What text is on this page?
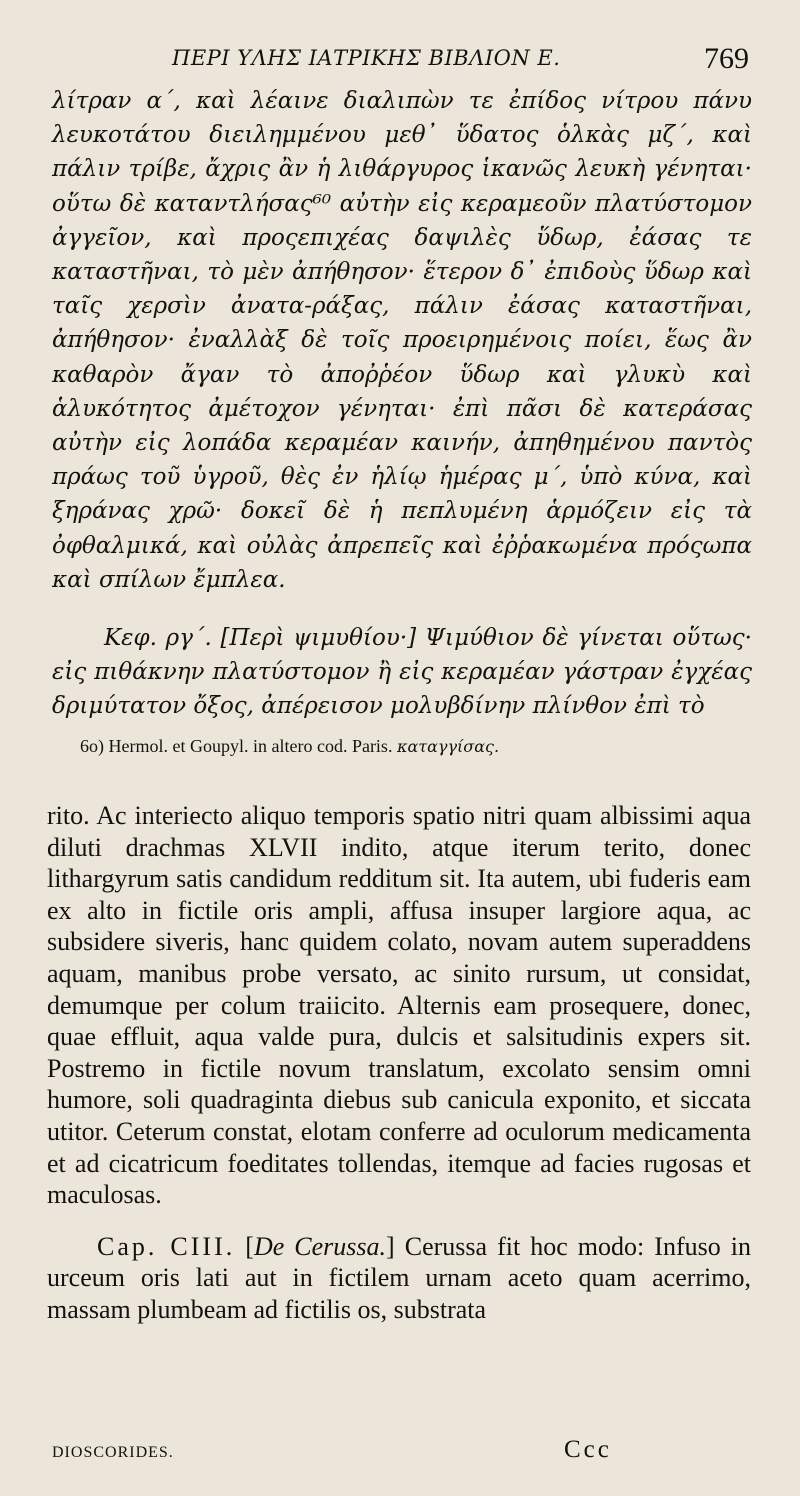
ΠΕΡΙ ΥΛΗΣ ΙΑΤΡΙΚΗΣ ΒΙΒΛΙΟΝ Ε.	769

λίτραν α΄, καὶ λέαινε διαλιπὼν τε ἐπίδος νίτρου πάνυ λευκοτάτου διειλημμένου μεθ᾽ ὕδατος ὁλκὰς μζ΄, καὶ πάλιν τρίβε, ἄχρις ἂν ἡ λιθάργυρος ἱκανῶς λευκὴ γένηται· οὕτω δὲ καταντλήσας⁶⁰ αὐτὴν εἰς κεραμεοῦν πλατύστομον ἀγγεῖον, καὶ προςεπιχέας δαψιλὲς ὕδωρ, ἐάσας τε καταστῆναι, τὸ μὲν ἀπήθησον· ἕτερον δ᾽ ἐπιδοὺς ὕδωρ καὶ ταῖς χερσὶν ἀνατα-ράξας, πάλιν ἐάσας καταστῆναι, ἀπήθησον· ἐναλλὰξ δὲ τοῖς προειρημένοις ποίει, ἕως ἂν καθαρὸν ἄγαν τὸ ἀποῤῥέον ὕδωρ καὶ γλυκὺ καὶ ἁλυκότητος ἀμέτοχον γένηται· ἐπὶ πᾶσι δὲ κατεράσας αὐτὴν εἰς λοπάδα κεραμέαν καινήν, ἀπηθημένου παντὸς πράως τοῦ ὑγροῦ, θὲς ἐν ἡλίῳ ἡμέρας μ΄, ὑπὸ κύνα, καὶ ξηράνας χρῶ· δοκεῖ δὲ ἡ πεπλυμένη ἁρμόζειν εἰς τὰ ὀφθαλμικά, καὶ οὐλὰς ἀπρεπεῖς καὶ ἐῤῥακωμένα πρόςωπα καὶ σπίλων ἔμπλεα.

Κεφ. ργ΄. [Περὶ ψιμυθίου·] Ψιμύθιον δὲ γίνεται οὕτως· εἰς πιθάκνην πλατύστομον ἢ εἰς κεραμέαν γάστραν ἐγχέας δριμύτατον ὄξος, ἀπέρεισον μολυβδίνην πλίνθον ἐπὶ τὸ

6o) Hermol. et Goupyl. in altero cod. Paris. καταγγίσας.

rito. Ac interiecto aliquo temporis spatio nitri quam albissimi aqua diluti drachmas XLVII indito, atque iterum terito, donec lithargyrum satis candidum redditum sit. Ita autem, ubi fuderis eam ex alto in fictile oris ampli, affusa insuper largiore aqua, ac subsidere siveris, hanc quidem colato, novam autem superaddens aquam, manibus probe versato, ac sinito rursum, ut considat, demumque per colum traiicito. Alternis eam prosequere, donec, quae effluit, aqua valde pura, dulcis et salsitudinis expers sit. Postremo in fictile novum translatum, excolato sensim omni humore, soli quadraginta diebus sub canicula exponito, et siccata utitor. Ceterum constat, elotam conferre ad oculorum medicamenta et ad cicatricum foeditates tollendas, itemque ad facies rugosas et maculosas.

Cap. CIII. [De Cerussa.] Cerussa fit hoc modo: Infuso in urceum oris lati aut in fictilem urnam aceto quam acerrimo, massam plumbeam ad fictilis os, substrata

DIOSCORIDES.	Ccc
